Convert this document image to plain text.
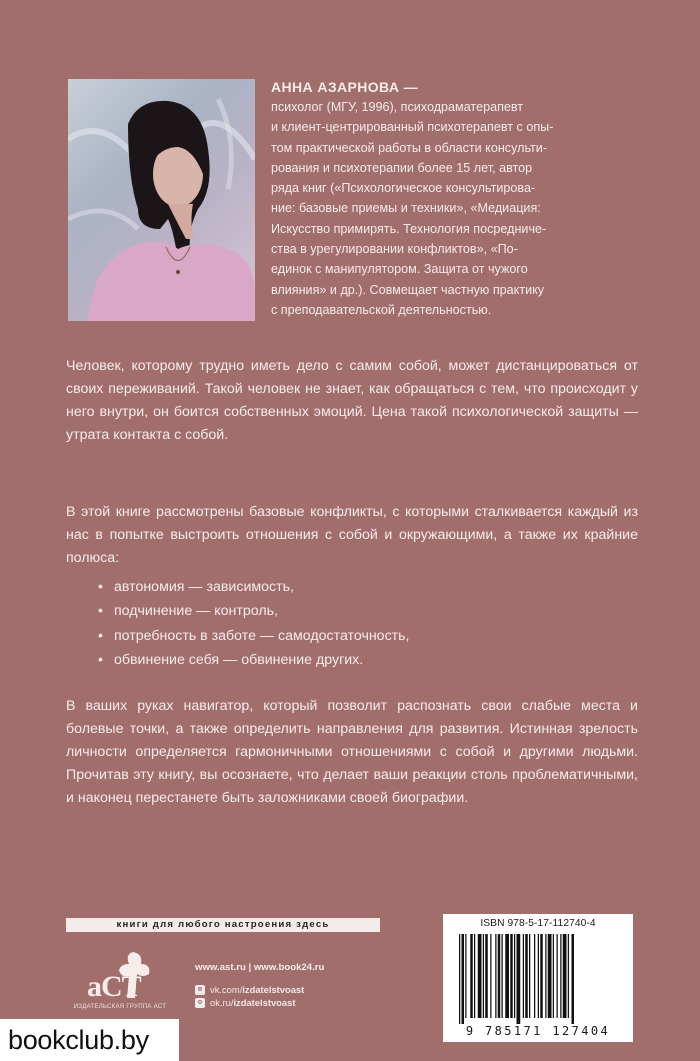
АННА АЗАРНОВА —
психолог (МГУ, 1996), психодраматерапевт
и клиент-центрированный психотерапевт с опы-
том практической работы в области консульти-
рования и психотерапии более 15 лет, автор
ряда книг («Психологическое консультирова-
ние: базовые приемы и техники», «Медиация:
Искусство примирять. Технология посредниче-
ства в урегулировании конфликтов», «По-
единок с манипулятором. Защита от чужого
влияния» и др.). Совмещает частную практику
с преподавательской деятельностью.

Человек, которому трудно иметь дело с самим собой, может дистанцироваться от своих переживаний. Такой человек не знает, как обращаться с тем, что происходит у него внутри, он боится собственных эмоций. Цена такой психологической защиты — утрата контакта с собой.

В этой книге рассмотрены базовые конфликты, с которыми сталкивается каждый из нас в попытке выстроить отношения с собой и окружающими, а также их крайние полюса:

• автономия — зависимость,
• подчинение — контроль,
• потребность в заботе — самодостаточность,
• обвинение себя — обвинение других.

В ваших руках навигатор, который позволит распознать свои слабые места и болевые точки, а также определить направления для развития. Истинная зрелость личности определяется гармоничными отношениями с собой и другими людьми. Прочитав эту книгу, вы осознаете, что делает ваши реакции столь проблематичными, и наконец перестанете быть заложниками своей биографии.

книги для любого настроения здесь
aCT
ИЗДАТЕЛЬСКАЯ ГРУППА АСТ
www.ast.ru | www.book24.ru
в vk.com/izdatelstvoast
о ok.ru/izdatelstvoast
ISBN 978-5-17-112740-4
9 785171 127404
bookclub.by
